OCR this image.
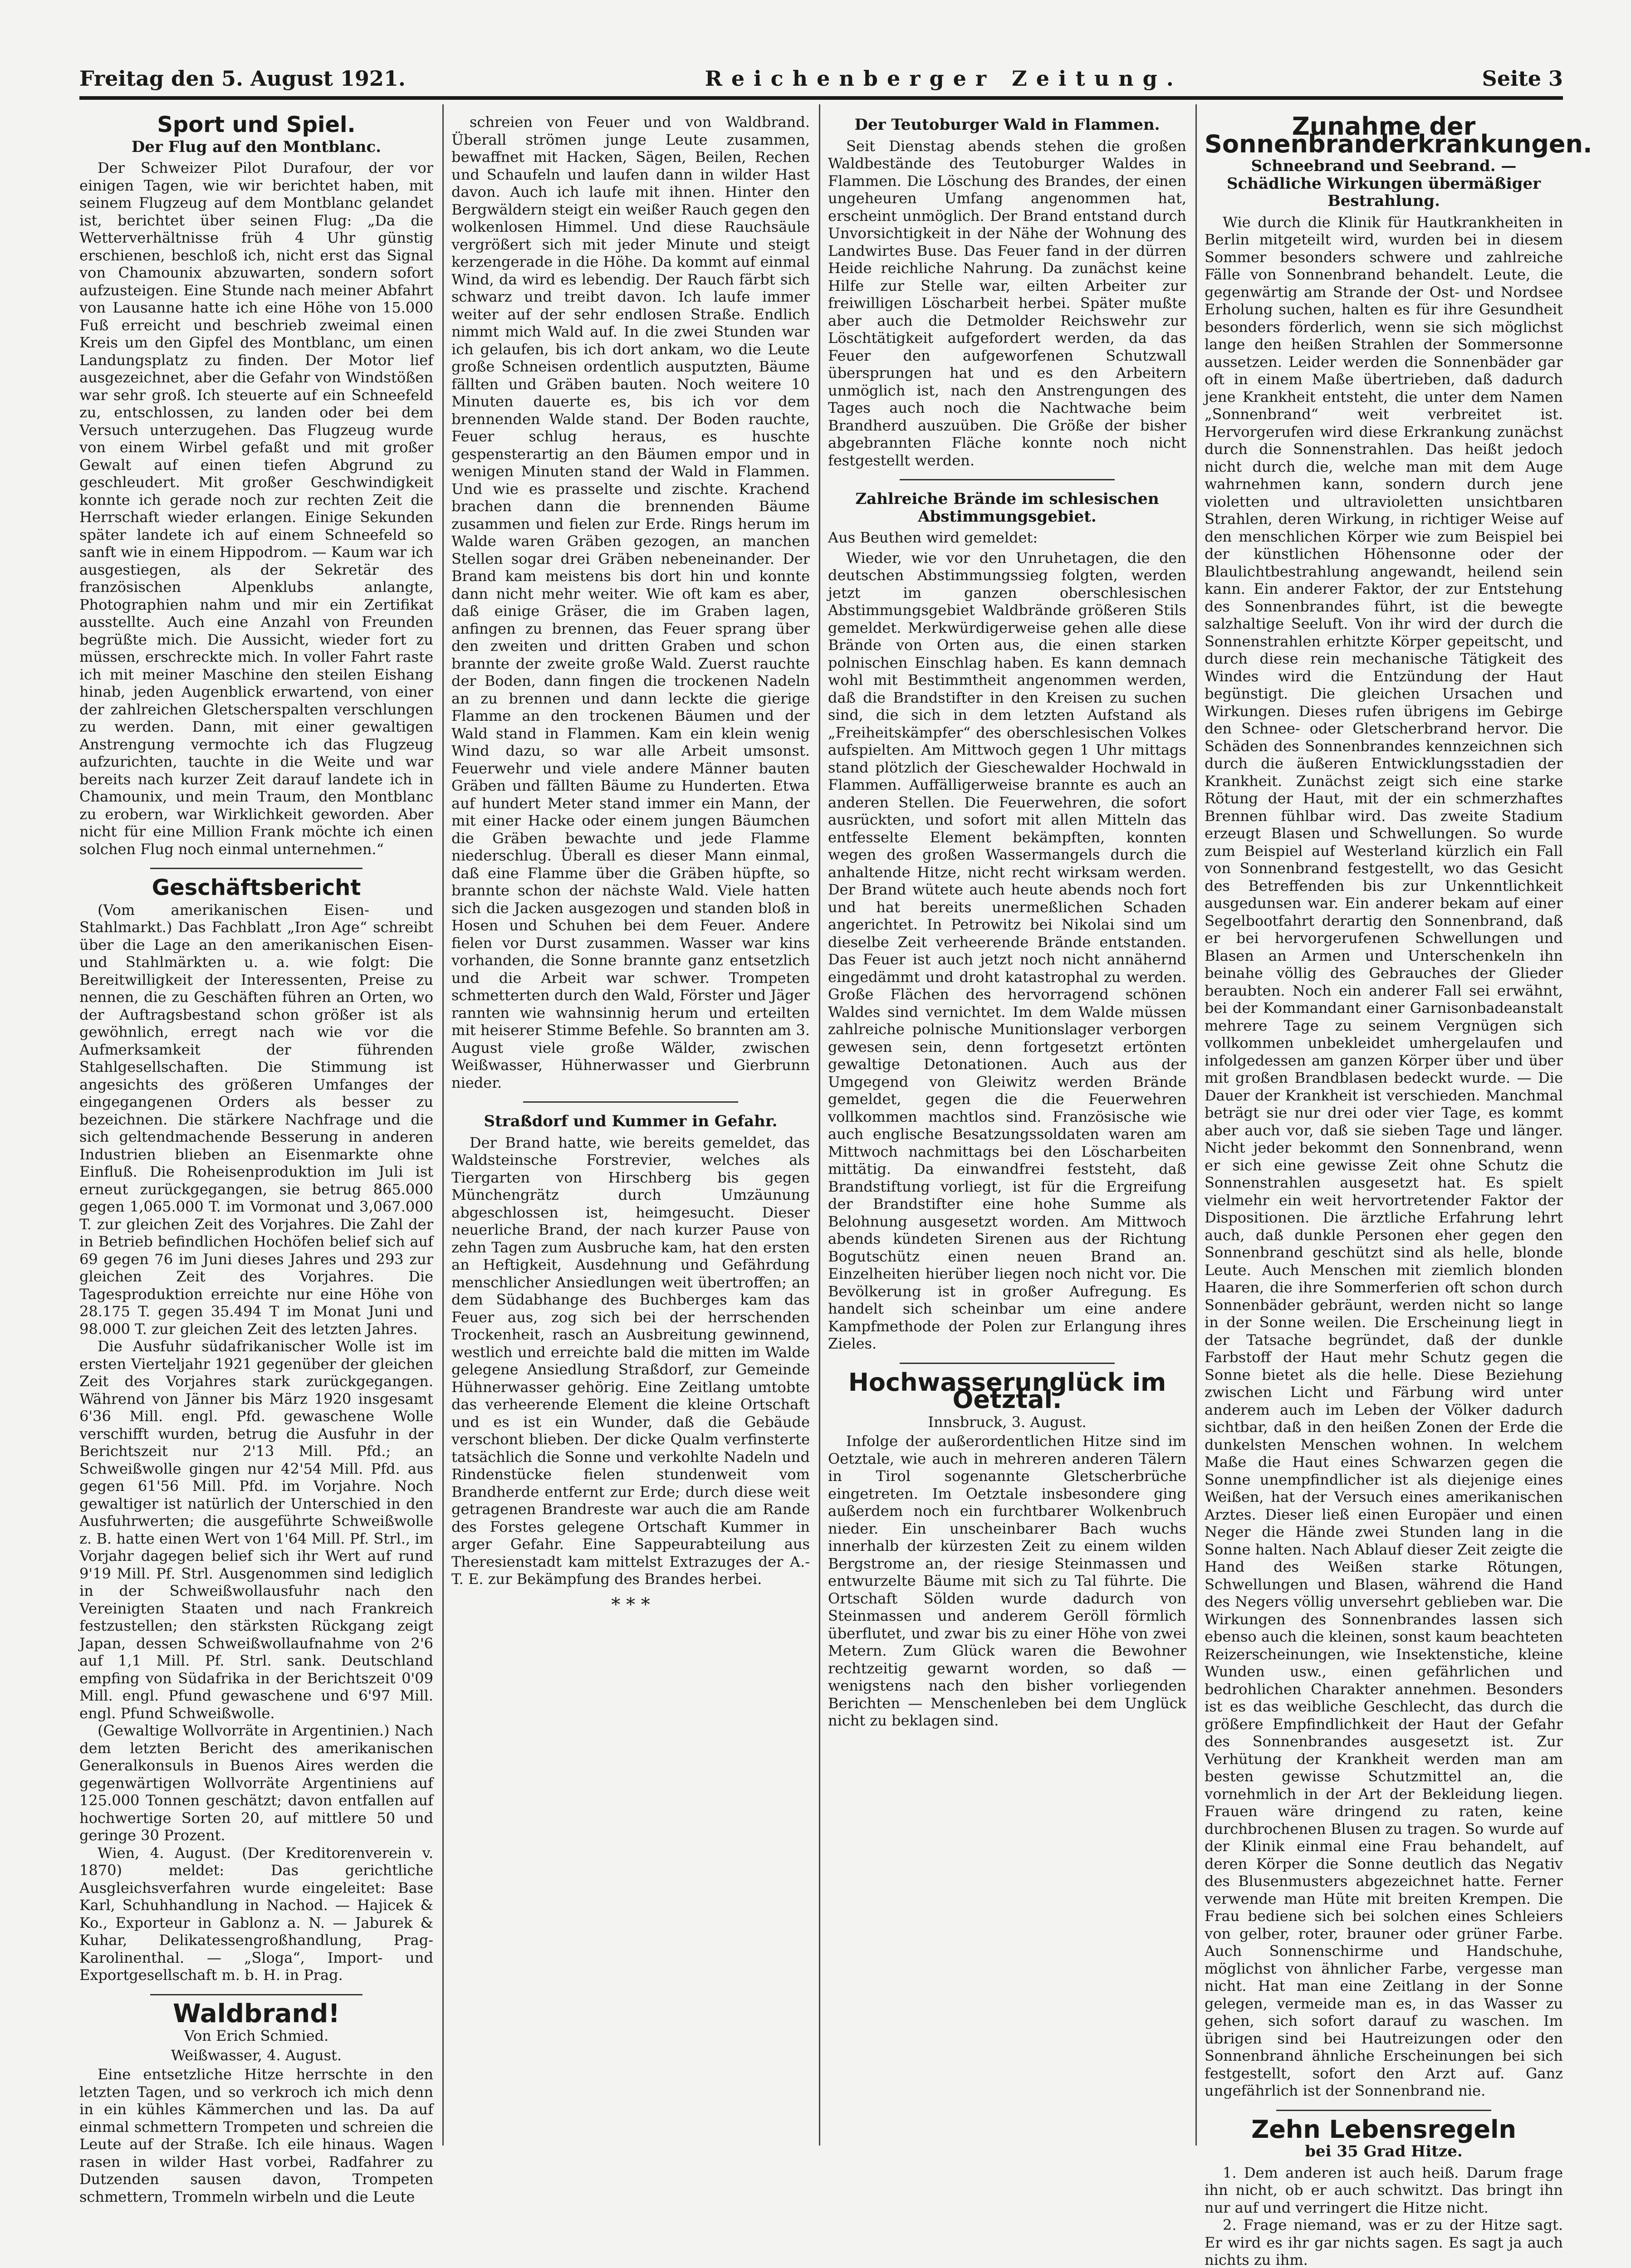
Freitag den 5. August 1921.	Reichenberger Zeitung.	Seite 3
Sport und Spiel.
Der Flug auf den Montblanc.

Der Schweizer Pilot Durafour, der vor einigen Tagen, wie wir berichtet haben, mit seinem Flugzeug auf dem Montblanc gelandet ist, berichtet über seinen Flug: „Da die Wetterverhältnisse früh 4 Uhr günstig erschienen, beschloß ich, nicht erst das Signal von Chamounix abzuwarten, sondern sofort aufzusteigen. Eine Stunde nach meiner Abfahrt von Lausanne hatte ich eine Höhe von 15.000 Fuß erreicht und beschrieb zweimal einen Kreis um den Gipfel des Montblanc, um einen Landungsplatz zu finden. Der Motor lief ausgezeichnet, aber die Gefahr von Windstößen war sehr groß. Ich steuerte auf ein Schneefeld zu, entschlossen, zu landen oder bei dem Versuch unterzugehen. Das Flugzeug wurde von einem Wirbel gefaßt und mit großer Gewalt auf einen tiefen Abgrund zu geschleudert. Mit großer Geschwindigkeit konnte ich gerade noch zur rechten Zeit die Herrschaft wieder erlangen. Einige Sekunden später landete ich auf einem Schneefeld so sanft wie in einem Hippodrom. — Kaum war ich ausgestiegen, als der Sekretär des französischen Alpenklubs anlangte, Photographien nahm und mir ein Zertifikat ausstellte. Auch eine Anzahl von Freunden begrüßte mich. Die Aussicht, wieder fort zu müssen, erschreckte mich. In voller Fahrt raste ich mit meiner Maschine den steilen Eishang hinab, jeden Augenblick erwartend, von einer der zahlreichen Gletscherspalten verschlungen zu werden. Dann, mit einer gewaltigen Anstrengung vermochte ich das Flugzeug aufzurichten, tauchte in die Weite und war bereits nach kurzer Zeit darauf landete ich in Chamounix, und mein Traum, den Montblanc zu erobern, war Wirklichkeit geworden. Aber nicht für eine Million Frank möchte ich einen solchen Flug noch einmal unternehmen.“

Geschäftsbericht

(Vom amerikanischen Eisen- und Stahlmarkt.) Das Fachblatt „Iron Age“ schreibt über die Lage an den amerikanischen Eisen- und Stahlmärkten u. a. wie folgt: Die Bereitwilligkeit der Interessenten, Preise zu nennen, die zu Geschäften führen an Orten, wo der Auftragsbestand schon größer ist als gewöhnlich, erregt nach wie vor die Aufmerksamkeit der führenden Stahlgesellschaften. Die Stimmung ist angesichts des größeren Umfanges der eingegangenen Orders als besser zu bezeichnen. Die stärkere Nachfrage und die sich geltendmachende Besserung in anderen Industrien blieben an Eisenmarkte ohne Einfluß. Die Roheisenproduktion im Juli ist erneut zurückgegangen, sie betrug 865.000 gegen 1,065.000 T. im Vormonat und 3,067.000 T. zur gleichen Zeit des Vorjahres. Die Zahl der in Betrieb befindlichen Hochöfen belief sich auf 69 gegen 76 im Juni dieses Jahres und 293 zur gleichen Zeit des Vorjahres. Die Tagesproduktion erreichte nur eine Höhe von 28.175 T. gegen 35.494 T im Monat Juni und 98.000 T. zur gleichen Zeit des letzten Jahres.

Die Ausfuhr südafrikanischer Wolle ist im ersten Vierteljahr 1921 gegenüber der gleichen Zeit des Vorjahres stark zurückgegangen. Während von Jänner bis März 1920 insgesamt 6'36 Mill. engl. Pfd. gewaschene Wolle verschifft wurden, betrug die Ausfuhr in der Berichtszeit nur 2'13 Mill. Pfd.; an Schweißwolle gingen nur 42'54 Mill. Pfd. aus gegen 61'56 Mill. Pfd. im Vorjahre. Noch gewaltiger ist natürlich der Unterschied in den Ausfuhrwerten; die ausgeführte Schweißwolle z. B. hatte einen Wert von 1'64 Mill. Pf. Strl., im Vorjahr dagegen belief sich ihr Wert auf rund 9'19 Mill. Pf. Strl. Ausgenommen sind lediglich in der Schweißwollausfuhr nach den Vereinigten Staaten und nach Frankreich festzustellen; den stärksten Rückgang zeigt Japan, dessen Schweißwollaufnahme von 2'6 auf 1,1 Mill. Pf. Strl. sank. Deutschland empfing von Südafrika in der Berichtszeit 0'09 Mill. engl. Pfund gewaschene und 6'97 Mill. engl. Pfund Schweißwolle.

(Gewaltige Wollvorräte in Argentinien.) Nach dem letzten Bericht des amerikanischen Generalkonsuls in Buenos Aires werden die gegenwärtigen Wollvorräte Argentiniens auf 125.000 Tonnen geschätzt; davon entfallen auf hochwertige Sorten 20, auf mittlere 50 und geringe 30 Prozent.

Wien, 4. August. (Der Kreditorenverein v. 1870) meldet: Das gerichtliche Ausgleichsverfahren wurde eingeleitet: Base Karl, Schuhhandlung in Nachod. — Hajicek & Ko., Exporteur in Gablonz a. N. — Jaburek & Kuhar, Delikatessengroßhandlung, Prag-Karolinenthal. — „Sloga“, Import- und Exportgesellschaft m. b. H. in Prag.

Waldbrand!
Von Erich Schmied.
Weißwasser, 4. August.

Eine entsetzliche Hitze herrschte in den letzten Tagen, und so verkroch ich mich denn in ein kühles Kämmerchen und las. Da auf einmal schmettern Trompeten und schreien die Leute auf der Straße. Ich eile hinaus. Wagen rasen in wilder Hast vorbei, Radfahrer zu Dutzenden sausen davon, Trompeten schmettern, Trommeln wirbeln und die Leute

schreien von Feuer und von Waldbrand. Überall strömen junge Leute zusammen, bewaffnet mit Hacken, Sägen, Beilen, Rechen und Schaufeln und laufen dann in wilder Hast davon. Auch ich laufe mit ihnen. Hinter den Bergwäldern steigt ein weißer Rauch gegen den wolkenlosen Himmel. Und diese Rauchsäule vergrößert sich mit jeder Minute und steigt kerzengerade in die Höhe. Da kommt auf einmal Wind, da wird es lebendig. Der Rauch färbt sich schwarz und treibt davon. Ich laufe immer weiter auf der sehr endlosen Straße. Endlich nimmt mich Wald auf. In die zwei Stunden war ich gelaufen, bis ich dort ankam, wo die Leute große Schneisen ordentlich ausputzten, Bäume fällten und Gräben bauten. Noch weitere 10 Minuten dauerte es, bis ich vor dem brennenden Walde stand. Der Boden rauchte, Feuer schlug heraus, es huschte gespensterartig an den Bäumen empor und in wenigen Minuten stand der Wald in Flammen. Und wie es prasselte und zischte. Krachend brachen dann die brennenden Bäume zusammen und fielen zur Erde. Rings herum im Walde waren Gräben gezogen, an manchen Stellen sogar drei Gräben nebeneinander. Der Brand kam meistens bis dort hin und konnte dann nicht mehr weiter. Wie oft kam es aber, daß einige Gräser, die im Graben lagen, anfingen zu brennen, das Feuer sprang über den zweiten und dritten Graben und schon brannte der zweite große Wald. Zuerst rauchte der Boden, dann fingen die trockenen Nadeln an zu brennen und dann leckte die gierige Flamme an den trockenen Bäumen und der Wald stand in Flammen. Kam ein klein wenig Wind dazu, so war alle Arbeit umsonst. Feuerwehr und viele andere Männer bauten Gräben und fällten Bäume zu Hunderten. Etwa auf hundert Meter stand immer ein Mann, der mit einer Hacke oder einem jungen Bäumchen die Gräben bewachte und jede Flamme niederschlug. Überall es dieser Mann einmal, daß eine Flamme über die Gräben hüpfte, so brannte schon der nächste Wald. Viele hatten sich die Jacken ausgezogen und standen bloß in Hosen und Schuhen bei dem Feuer. Andere fielen vor Durst zusammen. Wasser war kins vorhanden, die Sonne brannte ganz entsetzlich und die Arbeit war schwer. Trompeten schmetterten durch den Wald, Förster und Jäger rannten wie wahnsinnig herum und erteilten mit heiserer Stimme Befehle. So brannten am 3. August viele große Wälder, zwischen Weißwasser, Hühnerwasser und Gierbrunn nieder.

Straßdorf und Kummer in Gefahr.

Der Brand hatte, wie bereits gemeldet, das Waldsteinsche Forstrevier, welches als Tiergarten von Hirschberg bis gegen Münchengrätz durch Umzäunung abgeschlossen ist, heimgesucht. Dieser neuerliche Brand, der nach kurzer Pause von zehn Tagen zum Ausbruche kam, hat den ersten an Heftigkeit, Ausdehnung und Gefährdung menschlicher Ansiedlungen weit übertroffen; an dem Südabhange des Buchberges kam das Feuer aus, zog sich bei der herrschenden Trockenheit, rasch an Ausbreitung gewinnend, westlich und erreichte bald die mitten im Walde gelegene Ansiedlung Straßdorf, zur Gemeinde Hühnerwasser gehörig. Eine Zeitlang umtobte das verheerende Element die kleine Ortschaft und es ist ein Wunder, daß die Gebäude verschont blieben. Der dicke Qualm verfinsterte tatsächlich die Sonne und verkohlte Nadeln und Rindenstücke fielen stundenweit vom Brandherde entfernt zur Erde; durch diese weit getragenen Brandreste war auch die am Rande des Forstes gelegene Ortschaft Kummer in arger Gefahr. Eine Sappeurabteilung aus Theresienstadt kam mittelst Extrazuges der A.-T. E. zur Bekämpfung des Brandes herbei.

* * *
Der Teutoburger Wald in Flammen.

Seit Dienstag abends stehen die großen Waldbestände des Teutoburger Waldes in Flammen. Die Löschung des Brandes, der einen ungeheuren Umfang angenommen hat, erscheint unmöglich. Der Brand entstand durch Unvorsichtigkeit in der Nähe der Wohnung des Landwirtes Buse. Das Feuer fand in der dürren Heide reichliche Nahrung. Da zunächst keine Hilfe zur Stelle war, eilten Arbeiter zur freiwilligen Löscharbeit herbei. Später mußte aber auch die Detmolder Reichswehr zur Löschtätigkeit aufgefordert werden, da das Feuer den aufgeworfenen Schutzwall übersprungen hat und es den Arbeitern unmöglich ist, nach den Anstrengungen des Tages auch noch die Nachtwache beim Brandherd auszuüben. Die Größe der bisher abgebrannten Fläche konnte noch nicht festgestellt werden.

Zahlreiche Brände im schlesischen Abstimmungsgebiet.
Aus Beuthen wird gemeldet:

Wieder, wie vor den Unruhetagen, die den deutschen Abstimmungssieg folgten, werden jetzt im ganzen oberschlesischen Abstimmungsgebiet Waldbrände größeren Stils gemeldet. Merkwürdigerweise gehen alle diese Brände von Orten aus, die einen starken polnischen Einschlag haben. Es kann demnach wohl mit Bestimmtheit angenommen werden, daß die Brandstifter in den Kreisen zu suchen sind, die sich in dem letzten Aufstand als „Freiheitskämpfer“ des oberschlesischen Volkes aufspielten. Am Mittwoch gegen 1 Uhr mittags stand plötzlich der Gieschewalder Hochwald in Flammen. Auffälligerweise brannte es auch an anderen Stellen. Die Feuerwehren, die sofort ausrückten, und sofort mit allen Mitteln das entfesselte Element bekämpften, konnten wegen des großen Wassermangels durch die anhaltende Hitze, nicht recht wirksam werden. Der Brand wütete auch heute abends noch fort und hat bereits unermeßlichen Schaden angerichtet. In Petrowitz bei Nikolai sind um dieselbe Zeit verheerende Brände entstanden. Das Feuer ist auch jetzt noch nicht annähernd eingedämmt und droht katastrophal zu werden. Große Flächen des hervorragend schönen Waldes sind vernichtet. Im dem Walde müssen zahlreiche polnische Munitionslager verborgen gewesen sein, denn fortgesetzt ertönten gewaltige Detonationen. Auch aus der Umgegend von Gleiwitz werden Brände gemeldet, gegen die die Feuerwehren vollkommen machtlos sind. Französische wie auch englische Besatzungssoldaten waren am Mittwoch nachmittags bei den Löscharbeiten mittätig. Da einwandfrei feststeht, daß Brandstiftung vorliegt, ist für die Ergreifung der Brandstifter eine hohe Summe als Belohnung ausgesetzt worden. Am Mittwoch abends kündeten Sirenen aus der Richtung Bogutschütz einen neuen Brand an. Einzelheiten hierüber liegen noch nicht vor. Die Bevölkerung ist in großer Aufregung. Es handelt sich scheinbar um eine andere Kampfmethode der Polen zur Erlangung ihres Zieles.

Hochwasserunglück im Oetztal.
Innsbruck, 3. August.

Infolge der außerordentlichen Hitze sind im Oetztale, wie auch in mehreren anderen Tälern in Tirol sogenannte Gletscherbrüche eingetreten. Im Oetztale insbesondere ging außerdem noch ein furchtbarer Wolkenbruch nieder. Ein unscheinbarer Bach wuchs innerhalb der kürzesten Zeit zu einem wilden Bergstrome an, der riesige Steinmassen und entwurzelte Bäume mit sich zu Tal führte. Die Ortschaft Sölden wurde dadurch von Steinmassen und anderem Geröll förmlich überflutet, und zwar bis zu einer Höhe von zwei Metern. Zum Glück waren die Bewohner rechtzeitig gewarnt worden, so daß — wenigstens nach den bisher vorliegenden Berichten — Menschenleben bei dem Unglück nicht zu beklagen sind.

Zunahme der Sonnenbranderkrankungen.
Schneebrand und Seebrand. — Schädliche Wirkungen übermäßiger Bestrahlung.

Wie durch die Klinik für Hautkrankheiten in Berlin mitgeteilt wird, wurden bei in diesem Sommer besonders schwere und zahlreiche Fälle von Sonnenbrand behandelt. Leute, die gegenwärtig am Strande der Ost- und Nordsee Erholung suchen, halten es für ihre Gesundheit besonders förderlich, wenn sie sich möglichst lange den heißen Strahlen der Sommersonne aussetzen. Leider werden die Sonnenbäder gar oft in einem Maße übertrieben, daß dadurch jene Krankheit entsteht, die unter dem Namen „Sonnenbrand“ weit verbreitet ist. Hervorgerufen wird diese Erkrankung zunächst durch die Sonnenstrahlen. Das heißt jedoch nicht durch die, welche man mit dem Auge wahrnehmen kann, sondern durch jene violetten und ultravioletten unsichtbaren Strahlen, deren Wirkung, in richtiger Weise auf den menschlichen Körper wie zum Beispiel bei der künstlichen Höhensonne oder der Blaulichtbestrahlung angewandt, heilend sein kann. Ein anderer Faktor, der zur Entstehung des Sonnenbrandes führt, ist die bewegte salzhaltige Seeluft. Von ihr wird der durch die Sonnenstrahlen erhitzte Körper gepeitscht, und durch diese rein mechanische Tätigkeit des Windes wird die Entzündung der Haut begünstigt. Die gleichen Ursachen und Wirkungen. Dieses rufen übrigens im Gebirge den Schnee- oder Gletscherbrand hervor. Die Schäden des Sonnenbrandes kennzeichnen sich durch die äußeren Entwicklungsstadien der Krankheit. Zunächst zeigt sich eine starke Rötung der Haut, mit der ein schmerzhaftes Brennen fühlbar wird. Das zweite Stadium erzeugt Blasen und Schwellungen. So wurde zum Beispiel auf Westerland kürzlich ein Fall von Sonnenbrand festgestellt, wo das Gesicht des Betreffenden bis zur Unkenntlichkeit ausgedunsen war. Ein anderer bekam auf einer Segelbootfahrt derartig den Sonnenbrand, daß er bei hervorgerufenen Schwellungen und Blasen an Armen und Unterschenkeln ihn beinahe völlig des Gebrauches der Glieder beraubten. Noch ein anderer Fall sei erwähnt, bei der Kommandant einer Garnisonbadeanstalt mehrere Tage zu seinem Vergnügen sich vollkommen unbekleidet umhergelaufen und infolgedessen am ganzen Körper über und über mit großen Brandblasen bedeckt wurde. — Die Dauer der Krankheit ist verschieden. Manchmal beträgt sie nur drei oder vier Tage, es kommt aber auch vor, daß sie sieben Tage und länger. Nicht jeder bekommt den Sonnenbrand, wenn er sich eine gewisse Zeit ohne Schutz die Sonnenstrahlen ausgesetzt hat. Es spielt vielmehr ein weit hervortretender Faktor der Dispositionen. Die ärztliche Erfahrung lehrt auch, daß dunkle Personen eher gegen den Sonnenbrand geschützt sind als helle, blonde Leute. Auch Menschen mit ziemlich blonden Haaren, die ihre Sommerferien oft schon durch Sonnenbäder gebräunt, werden nicht so lange in der Sonne weilen. Die Erscheinung liegt in der Tatsache begründet, daß der dunkle Farbstoff der Haut mehr Schutz gegen die Sonne bietet als die helle. Diese Beziehung zwischen Licht und Färbung wird unter anderem auch im Leben der Völker dadurch sichtbar, daß in den heißen Zonen der Erde die dunkelsten Menschen wohnen. In welchem Maße die Haut eines Schwarzen gegen die Sonne unempfindlicher ist als diejenige eines Weißen, hat der Versuch eines amerikanischen Arztes. Dieser ließ einen Europäer und einen Neger die Hände zwei Stunden lang in die Sonne halten. Nach Ablauf dieser Zeit zeigte die Hand des Weißen starke Rötungen, Schwellungen und Blasen, während die Hand des Negers völlig unversehrt geblieben war. Die Wirkungen des Sonnenbrandes lassen sich ebenso auch die kleinen, sonst kaum beachteten Reizerscheinungen, wie Insektenstiche, kleine Wunden usw., einen gefährlichen und bedrohlichen Charakter annehmen. Besonders ist es das weibliche Geschlecht, das durch die größere Empfindlichkeit der Haut der Gefahr des Sonnenbrandes ausgesetzt ist. Zur Verhütung der Krankheit werden man am besten gewisse Schutzmittel an, die vornehmlich in der Art der Bekleidung liegen. Frauen wäre dringend zu raten, keine durchbrochenen Blusen zu tragen. So wurde auf der Klinik einmal eine Frau behandelt, auf deren Körper die Sonne deutlich das Negativ des Blusenmusters abgezeichnet hatte. Ferner verwende man Hüte mit breiten Krempen. Die Frau bediene sich bei solchen eines Schleiers von gelber, roter, brauner oder grüner Farbe. Auch Sonnenschirme und Handschuhe, möglichst von ähnlicher Farbe, vergesse man nicht. Hat man eine Zeitlang in der Sonne gelegen, vermeide man es, in das Wasser zu gehen, sich sofort darauf zu waschen. Im übrigen sind bei Hautreizungen oder den Sonnenbrand ähnliche Erscheinungen bei sich festgestellt, sofort den Arzt auf. Ganz ungefährlich ist der Sonnenbrand nie.

Zehn Lebensregeln
bei 35 Grad Hitze.

1. Dem anderen ist auch heiß. Darum frage ihn nicht, ob er auch schwitzt. Das bringt ihn nur auf und verringert die Hitze nicht.

2. Frage niemand, was er zu der Hitze sagt. Er wird es ihr gar nichts sagen. Es sagt ja auch nichts zu ihm.
